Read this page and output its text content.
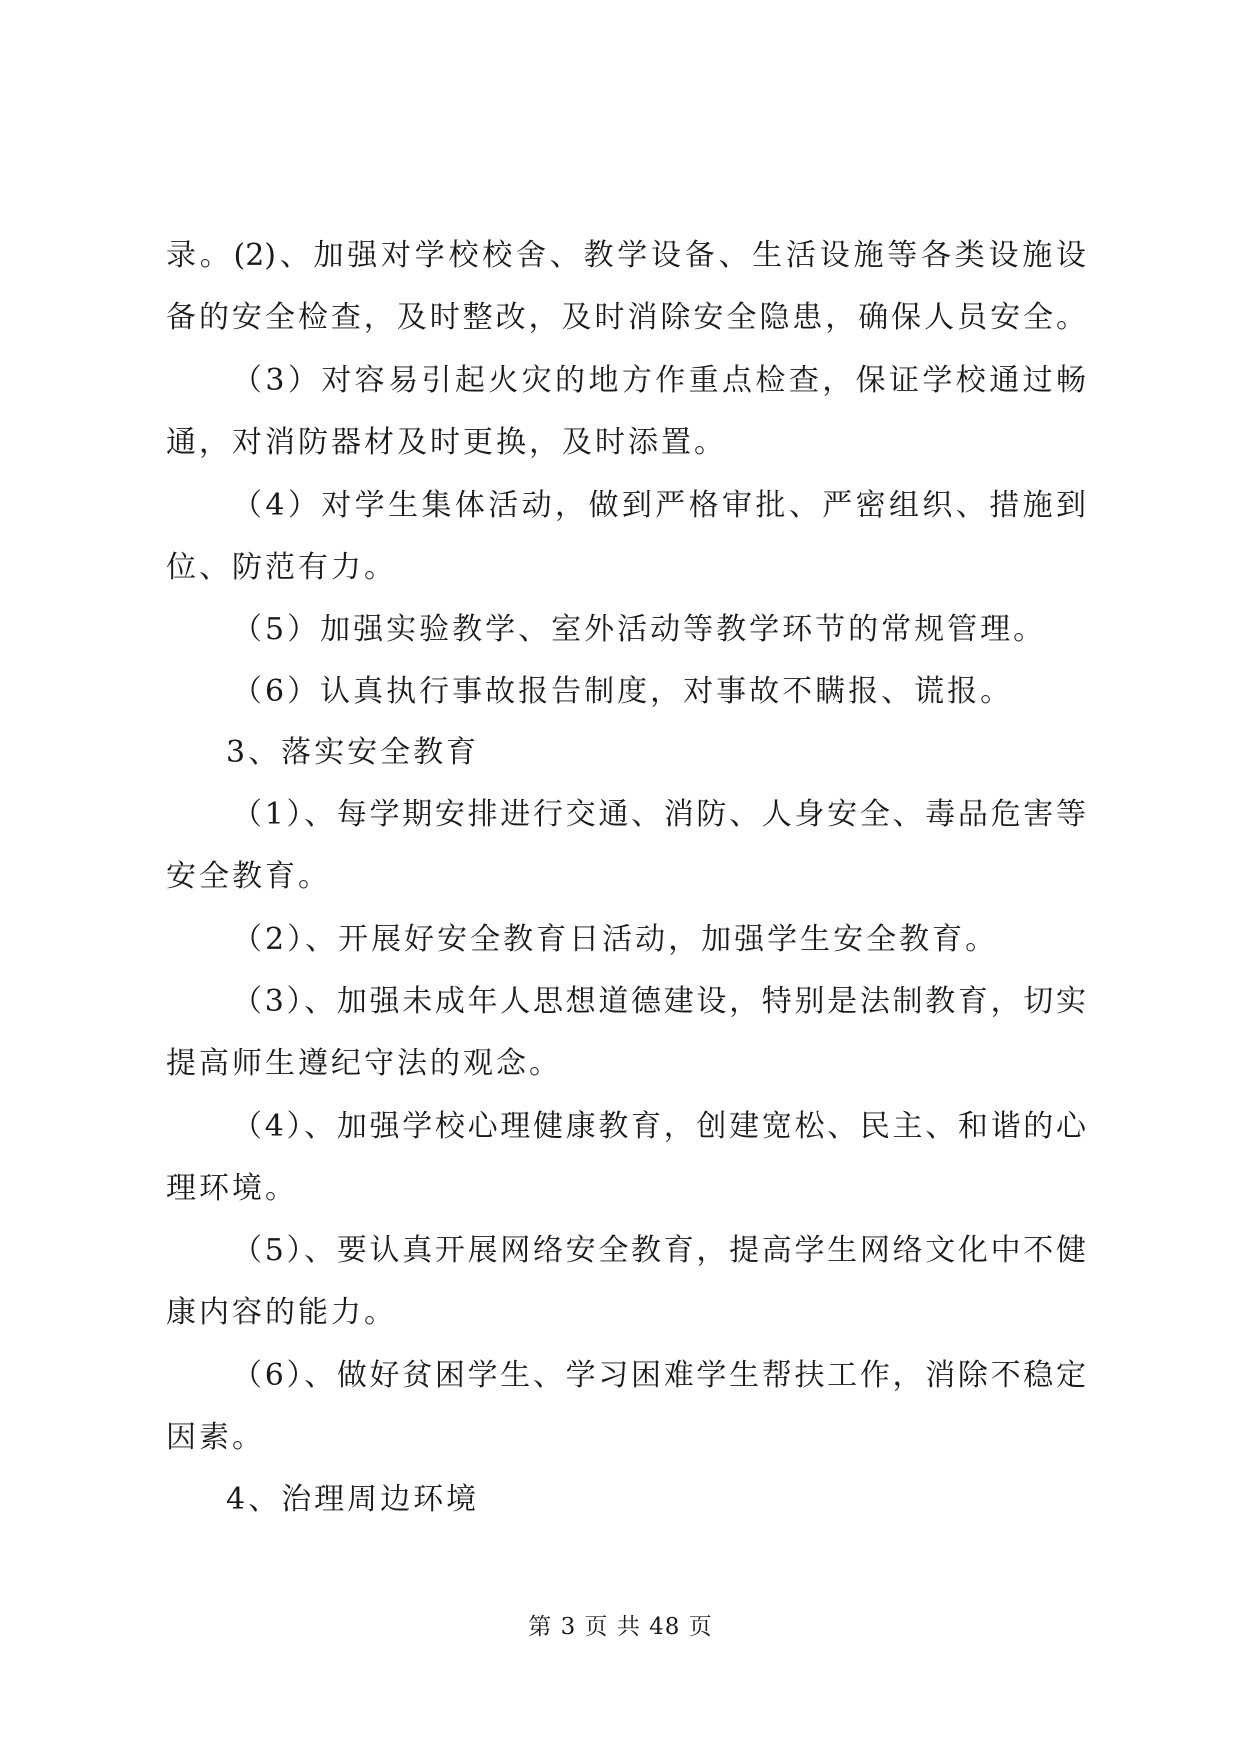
录。(2)、加强对学校校舍、教学设备、生活设施等各类设施设
备的安全检查，及时整改，及时消除安全隐患，确保人员安全。
（3）对容易引起火灾的地方作重点检查，保证学校通过畅
通，对消防器材及时更换，及时添置。
（4）对学生集体活动，做到严格审批、严密组织、措施到
位、防范有力。
（5）加强实验教学、室外活动等教学环节的常规管理。
（6）认真执行事故报告制度，对事故不瞒报、谎报。
3、落实安全教育
（1）、每学期安排进行交通、消防、人身安全、毒品危害等
安全教育。
（2）、开展好安全教育日活动，加强学生安全教育。
（3）、加强未成年人思想道德建设，特别是法制教育，切实
提高师生遵纪守法的观念。
（4）、加强学校心理健康教育，创建宽松、民主、和谐的心
理环境。
（5）、要认真开展网络安全教育，提高学生网络文化中不健
康内容的能力。
（6）、做好贫困学生、学习困难学生帮扶工作，消除不稳定
因素。
4、治理周边环境
第 3 页 共 48 页
